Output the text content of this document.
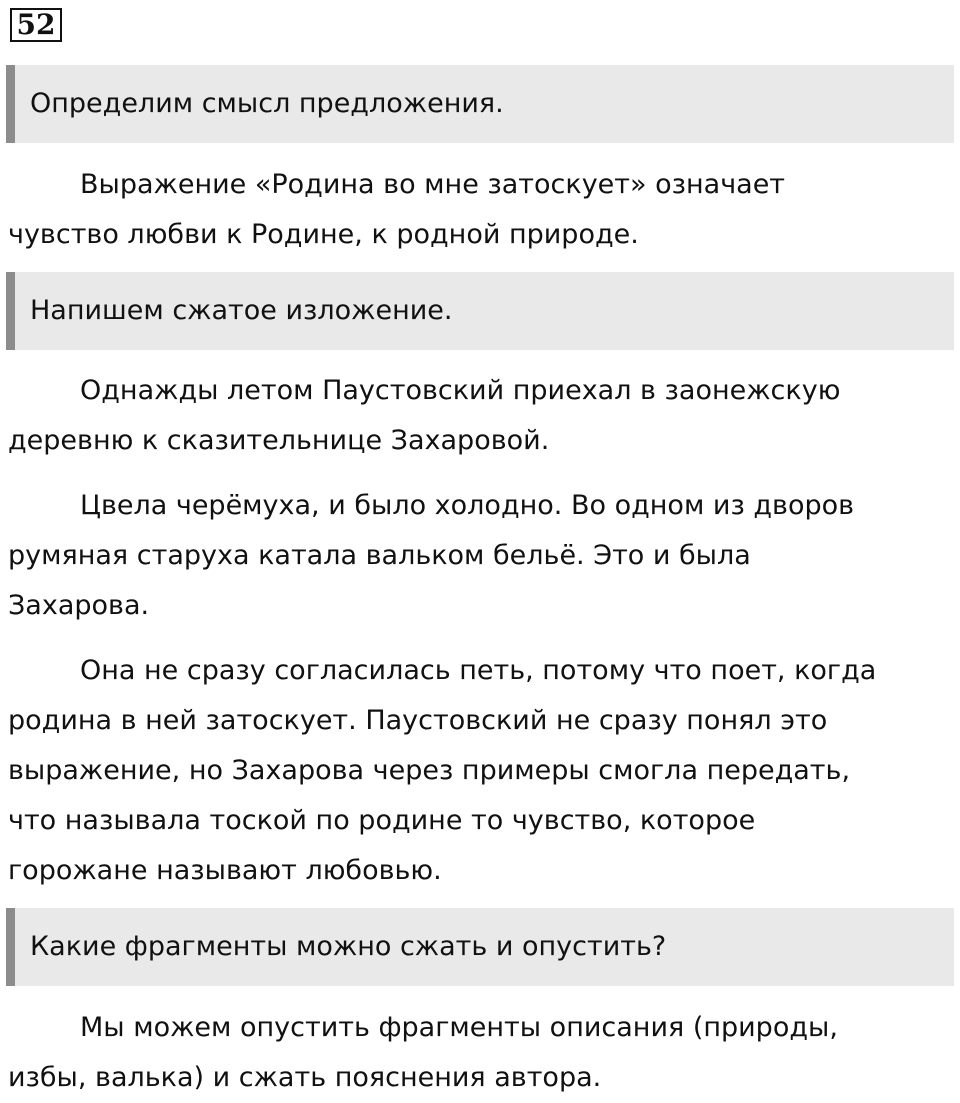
52
Определим смысл предложения.
Выражение «Родина во мне затоскует» означает
чувство любви к Родине, к родной природе.
Напишем сжатое изложение.
Однажды летом Паустовский приехал в заонежскую
деревню к сказительнице Захаровой.
Цвела черёмуха, и было холодно. Во одном из дворов
румяная старуха катала вальком бельё. Это и была
Захарова.
Она не сразу согласилась петь, потому что поет, когда
родина в ней затоскует. Паустовский не сразу понял это
выражение, но Захарова через примеры смогла передать,
что называла тоской по родине то чувство, которое
горожане называют любовью.
Какие фрагменты можно сжать и опустить?
Мы можем опустить фрагменты описания (природы,
избы, валька) и сжать пояснения автора.
